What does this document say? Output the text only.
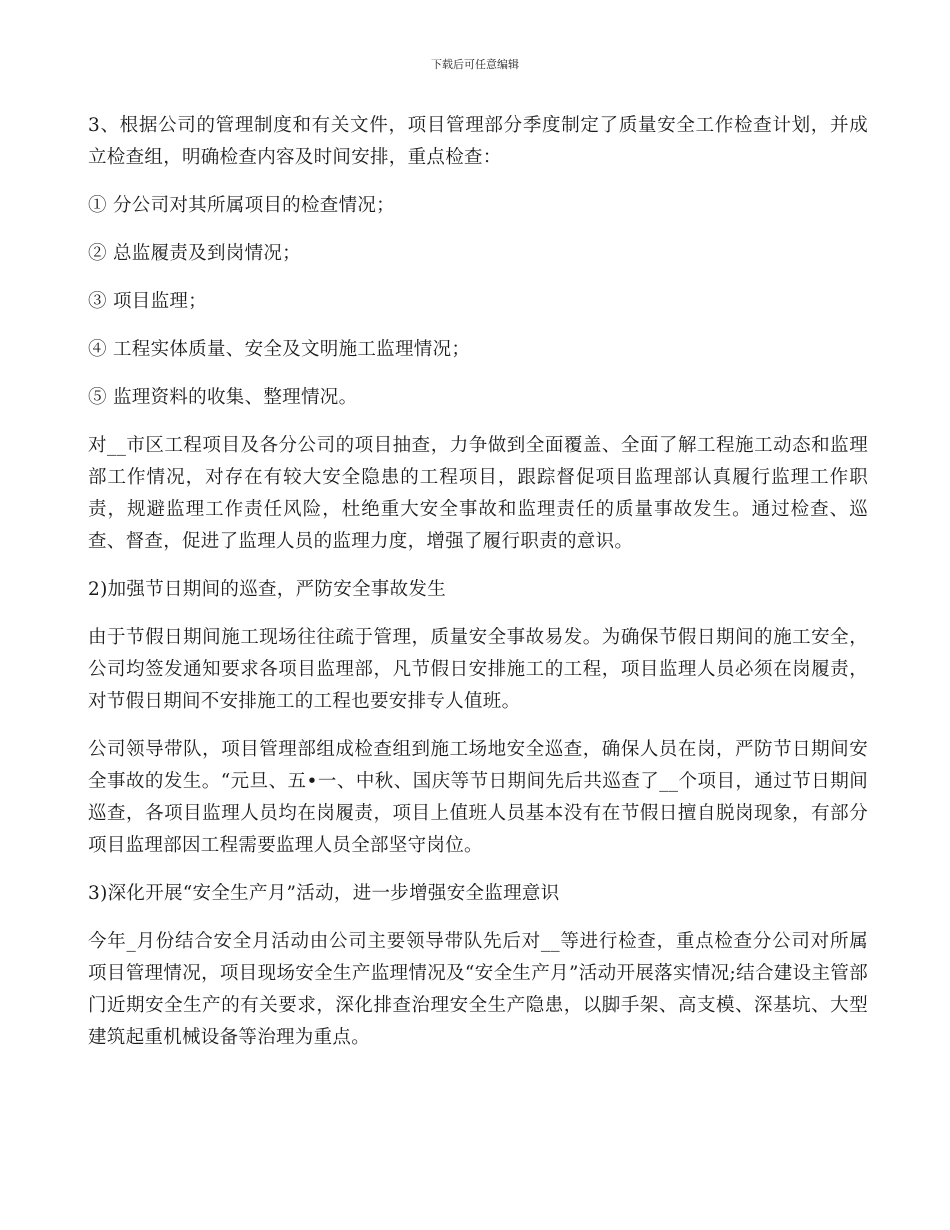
下载后可任意编辑

3、根据公司的管理制度和有关文件，项目管理部分季度制定了质量安全工作检查计划，并成立检查组，明确检查内容及时间安排，重点检查：

① 分公司对其所属项目的检查情况；

② 总监履责及到岗情况；

③ 项目监理；

④ 工程实体质量、安全及文明施工监理情况；

⑤ 监理资料的收集、整理情况。

对__市区工程项目及各分公司的项目抽查，力争做到全面覆盖、全面了解工程施工动态和监理部工作情况，对存在有较大安全隐患的工程项目，跟踪督促项目监理部认真履行监理工作职责，规避监理工作责任风险，杜绝重大安全事故和监理责任的质量事故发生。通过检查、巡查、督查，促进了监理人员的监理力度，增强了履行职责的意识。

2)加强节日期间的巡查，严防安全事故发生

由于节假日期间施工现场往往疏于管理，质量安全事故易发。为确保节假日期间的施工安全，公司均签发通知要求各项目监理部，凡节假日安排施工的工程，项目监理人员必须在岗履责，对节假日期间不安排施工的工程也要安排专人值班。

公司领导带队，项目管理部组成检查组到施工场地安全巡查，确保人员在岗，严防节日期间安全事故的发生。“元旦、五•一、中秋、国庆等节日期间先后共巡查了__个项目，通过节日期间巡查，各项目监理人员均在岗履责，项目上值班人员基本没有在节假日擅自脱岗现象，有部分项目监理部因工程需要监理人员全部坚守岗位。

3)深化开展“安全生产月”活动，进一步增强安全监理意识

今年_月份结合安全月活动由公司主要领导带队先后对__等进行检查，重点检查分公司对所属项目管理情况，项目现场安全生产监理情况及“安全生产月”活动开展落实情况;结合建设主管部门近期安全生产的有关要求，深化排查治理安全生产隐患，以脚手架、高支模、深基坑、大型建筑起重机械设备等治理为重点。
